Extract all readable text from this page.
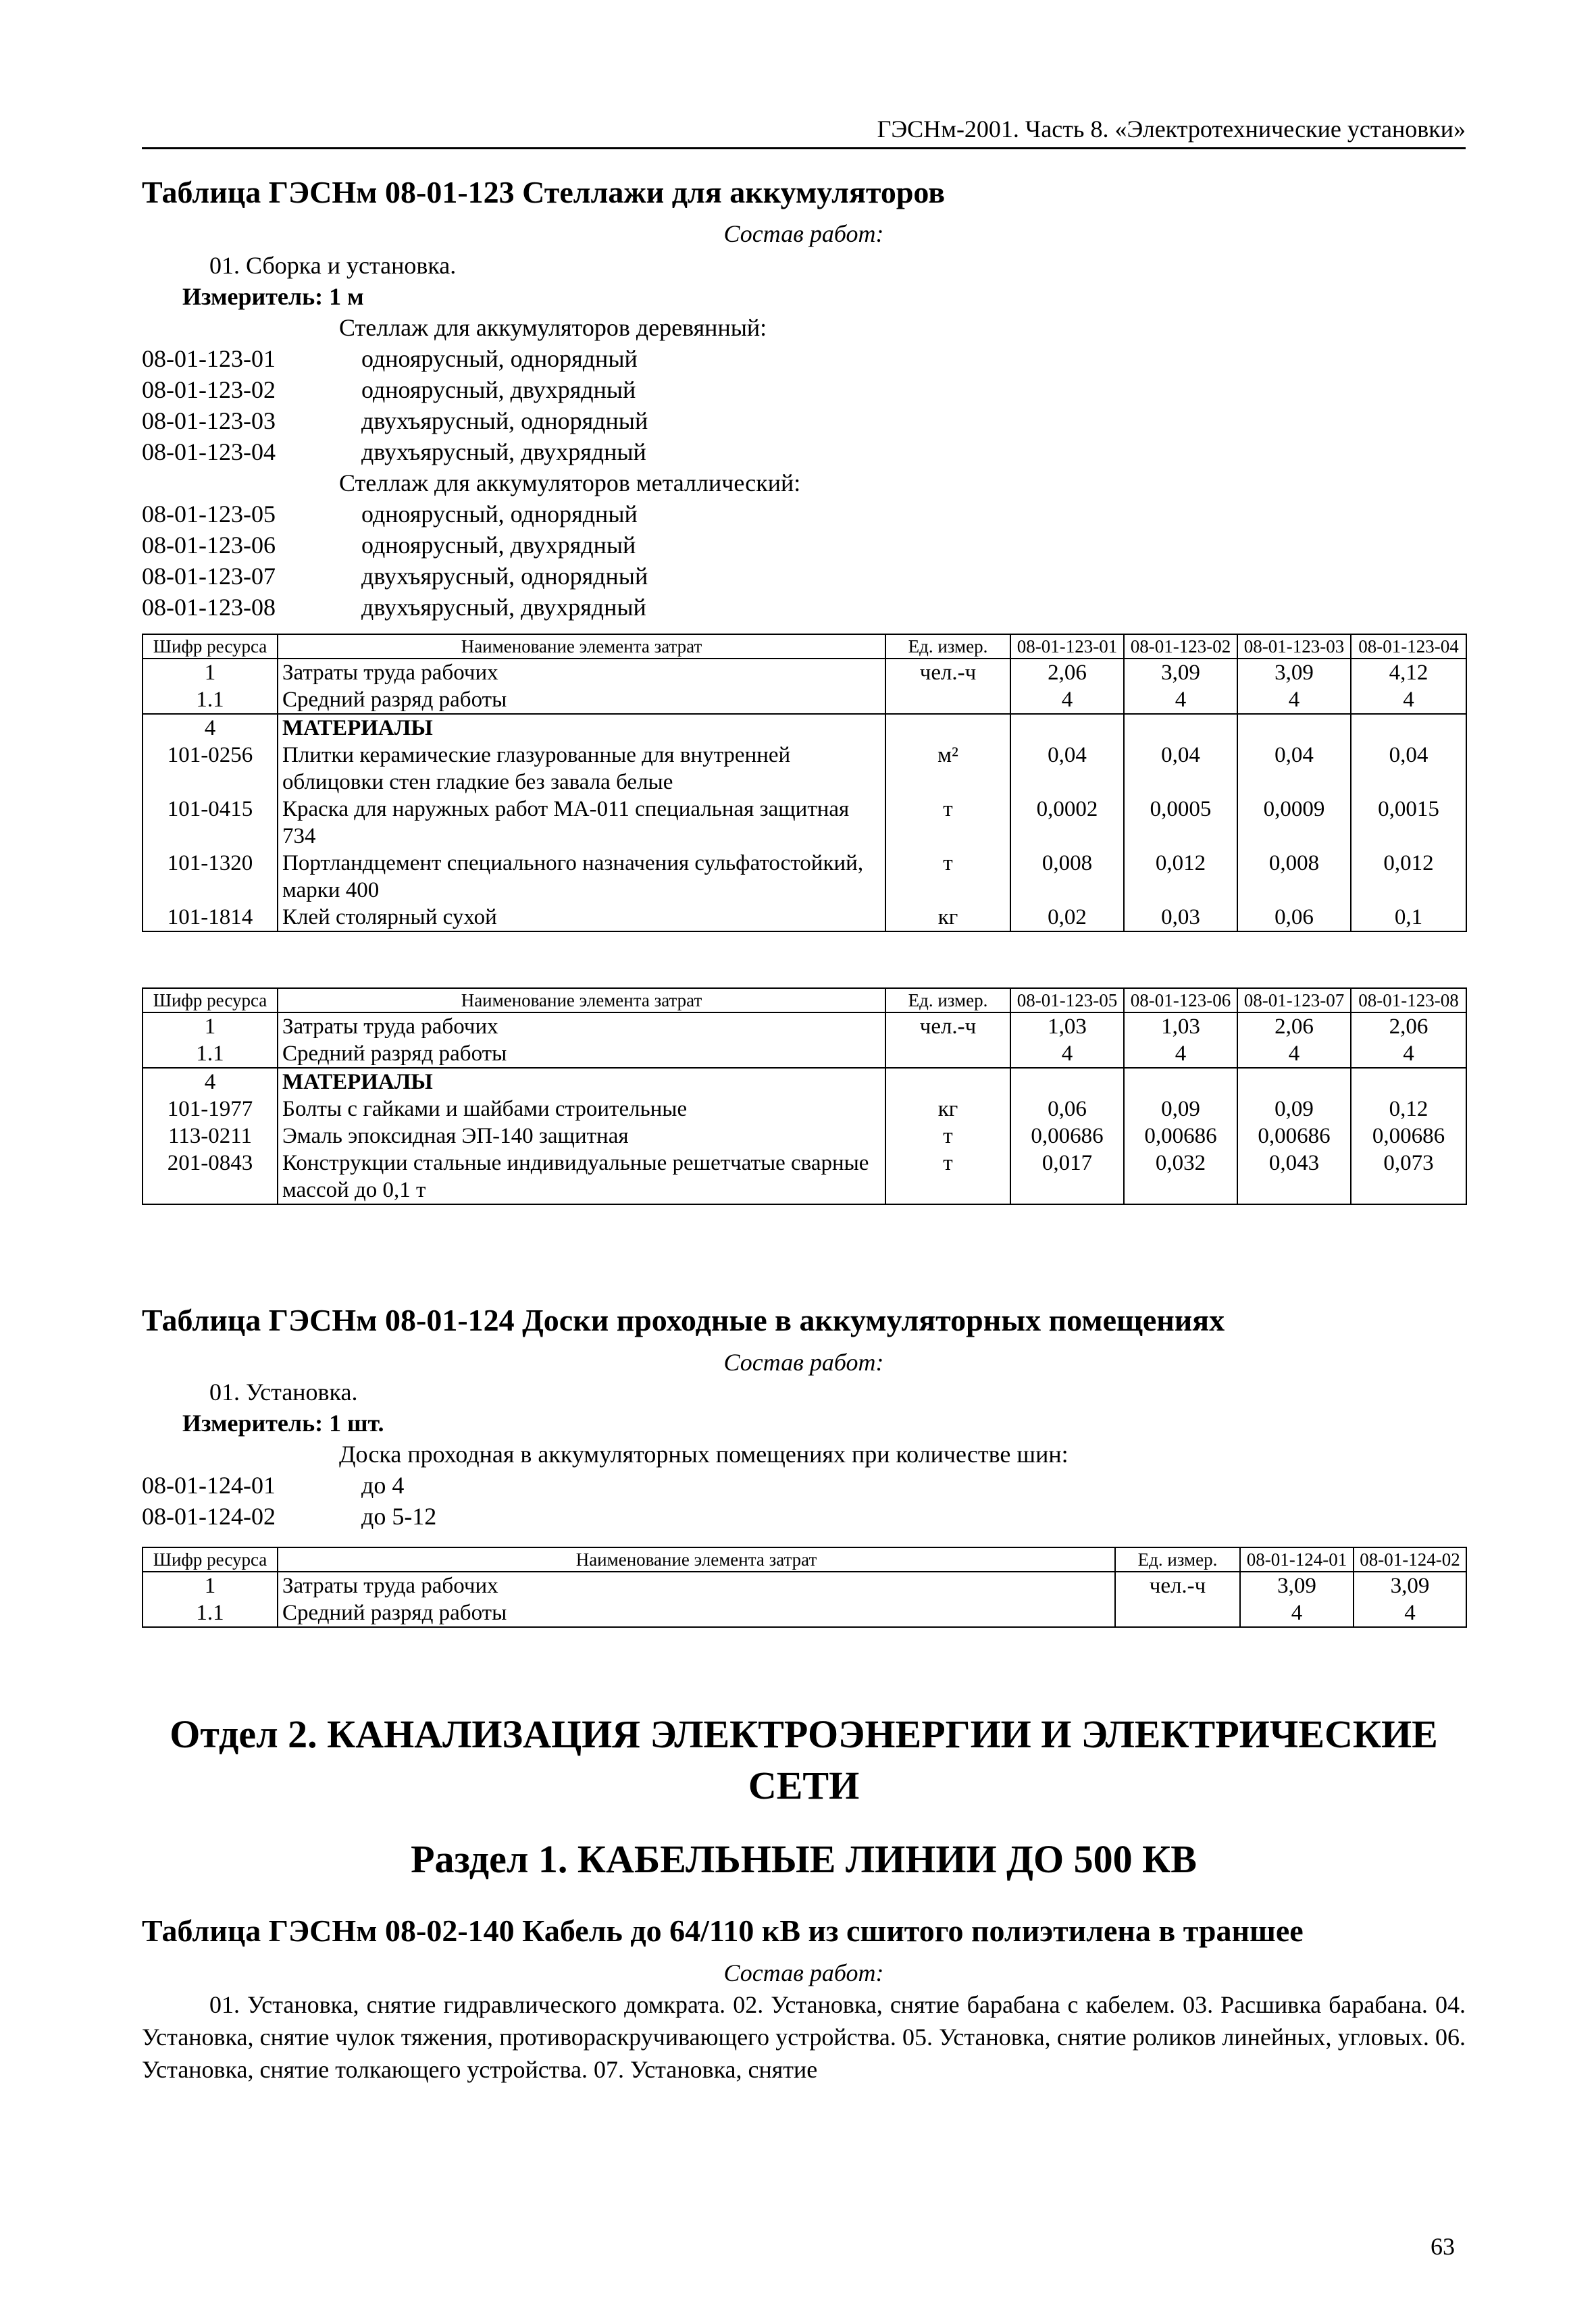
ГЭСНм-2001. Часть 8. «Электротехнические установки»
Таблица ГЭСНм 08-01-123 Стеллажи для аккумуляторов
Состав работ:
01. Сборка и установка.
Измеритель: 1 м
Стеллаж для аккумуляторов деревянный:
08-01-123-01	одноярусный, однорядный
08-01-123-02	одноярусный, двухрядный
08-01-123-03	двухъярусный, однорядный
08-01-123-04	двухъярусный, двухрядный
Стеллаж для аккумуляторов металлический:
08-01-123-05	одноярусный, однорядный
08-01-123-06	одноярусный, двухрядный
08-01-123-07	двухъярусный, однорядный
08-01-123-08	двухъярусный, двухрядный
Шифр ресурса	Наименование элемента затрат	Ед. измер.	08-01-123-01	08-01-123-02	08-01-123-03	08-01-123-04
1	Затраты труда рабочих	чел.-ч	2,06	3,09	3,09	4,12
1.1	Средний разряд работы		4	4	4	4
4	МАТЕРИАЛЫ					
101-0256	Плитки керамические глазурованные для внутренней облицовки стен гладкие без завала белые	м²	0,04	0,04	0,04	0,04
101-0415	Краска для наружных работ МА-011 специальная защитная 734	т	0,0002	0,0005	0,0009	0,0015
101-1320	Портландцемент специального назначения сульфатостойкий, марки 400	т	0,008	0,012	0,008	0,012
101-1814	Клей столярный сухой	кг	0,02	0,03	0,06	0,1
Шифр ресурса	Наименование элемента затрат	Ед. измер.	08-01-123-05	08-01-123-06	08-01-123-07	08-01-123-08
1	Затраты труда рабочих	чел.-ч	1,03	1,03	2,06	2,06
1.1	Средний разряд работы		4	4	4	4
4	МАТЕРИАЛЫ					
101-1977	Болты с гайками и шайбами строительные	кг	0,06	0,09	0,09	0,12
113-0211	Эмаль эпоксидная ЭП-140 защитная	т	0,00686	0,00686	0,00686	0,00686
201-0843	Конструкции стальные индивидуальные решетчатые сварные массой до 0,1 т	т	0,017	0,032	0,043	0,073
Таблица ГЭСНм 08-01-124 Доски проходные в аккумуляторных помещениях
Состав работ:
01. Установка.
Измеритель: 1 шт.
Доска проходная в аккумуляторных помещениях при количестве шин:
08-01-124-01	до 4
08-01-124-02	до 5-12
Шифр ресурса	Наименование элемента затрат	Ед. измер.	08-01-124-01	08-01-124-02
1	Затраты труда рабочих	чел.-ч	3,09	3,09
1.1	Средний разряд работы		4	4
Отдел 2. КАНАЛИЗАЦИЯ ЭЛЕКТРОЭНЕРГИИ И ЭЛЕКТРИЧЕСКИЕ СЕТИ
Раздел 1. КАБЕЛЬНЫЕ ЛИНИИ ДО 500 КВ
Таблица ГЭСНм 08-02-140 Кабель до 64/110 кВ из сшитого полиэтилена в траншее
Состав работ:
01. Установка, снятие гидравлического домкрата. 02. Установка, снятие барабана с кабелем. 03. Расшивка барабана. 04. Установка, снятие чулок тяжения, противораскручивающего устройства. 05. Установка, снятие роликов линейных, угловых. 06. Установка, снятие толкающего устройства. 07. Установка, снятие
63
